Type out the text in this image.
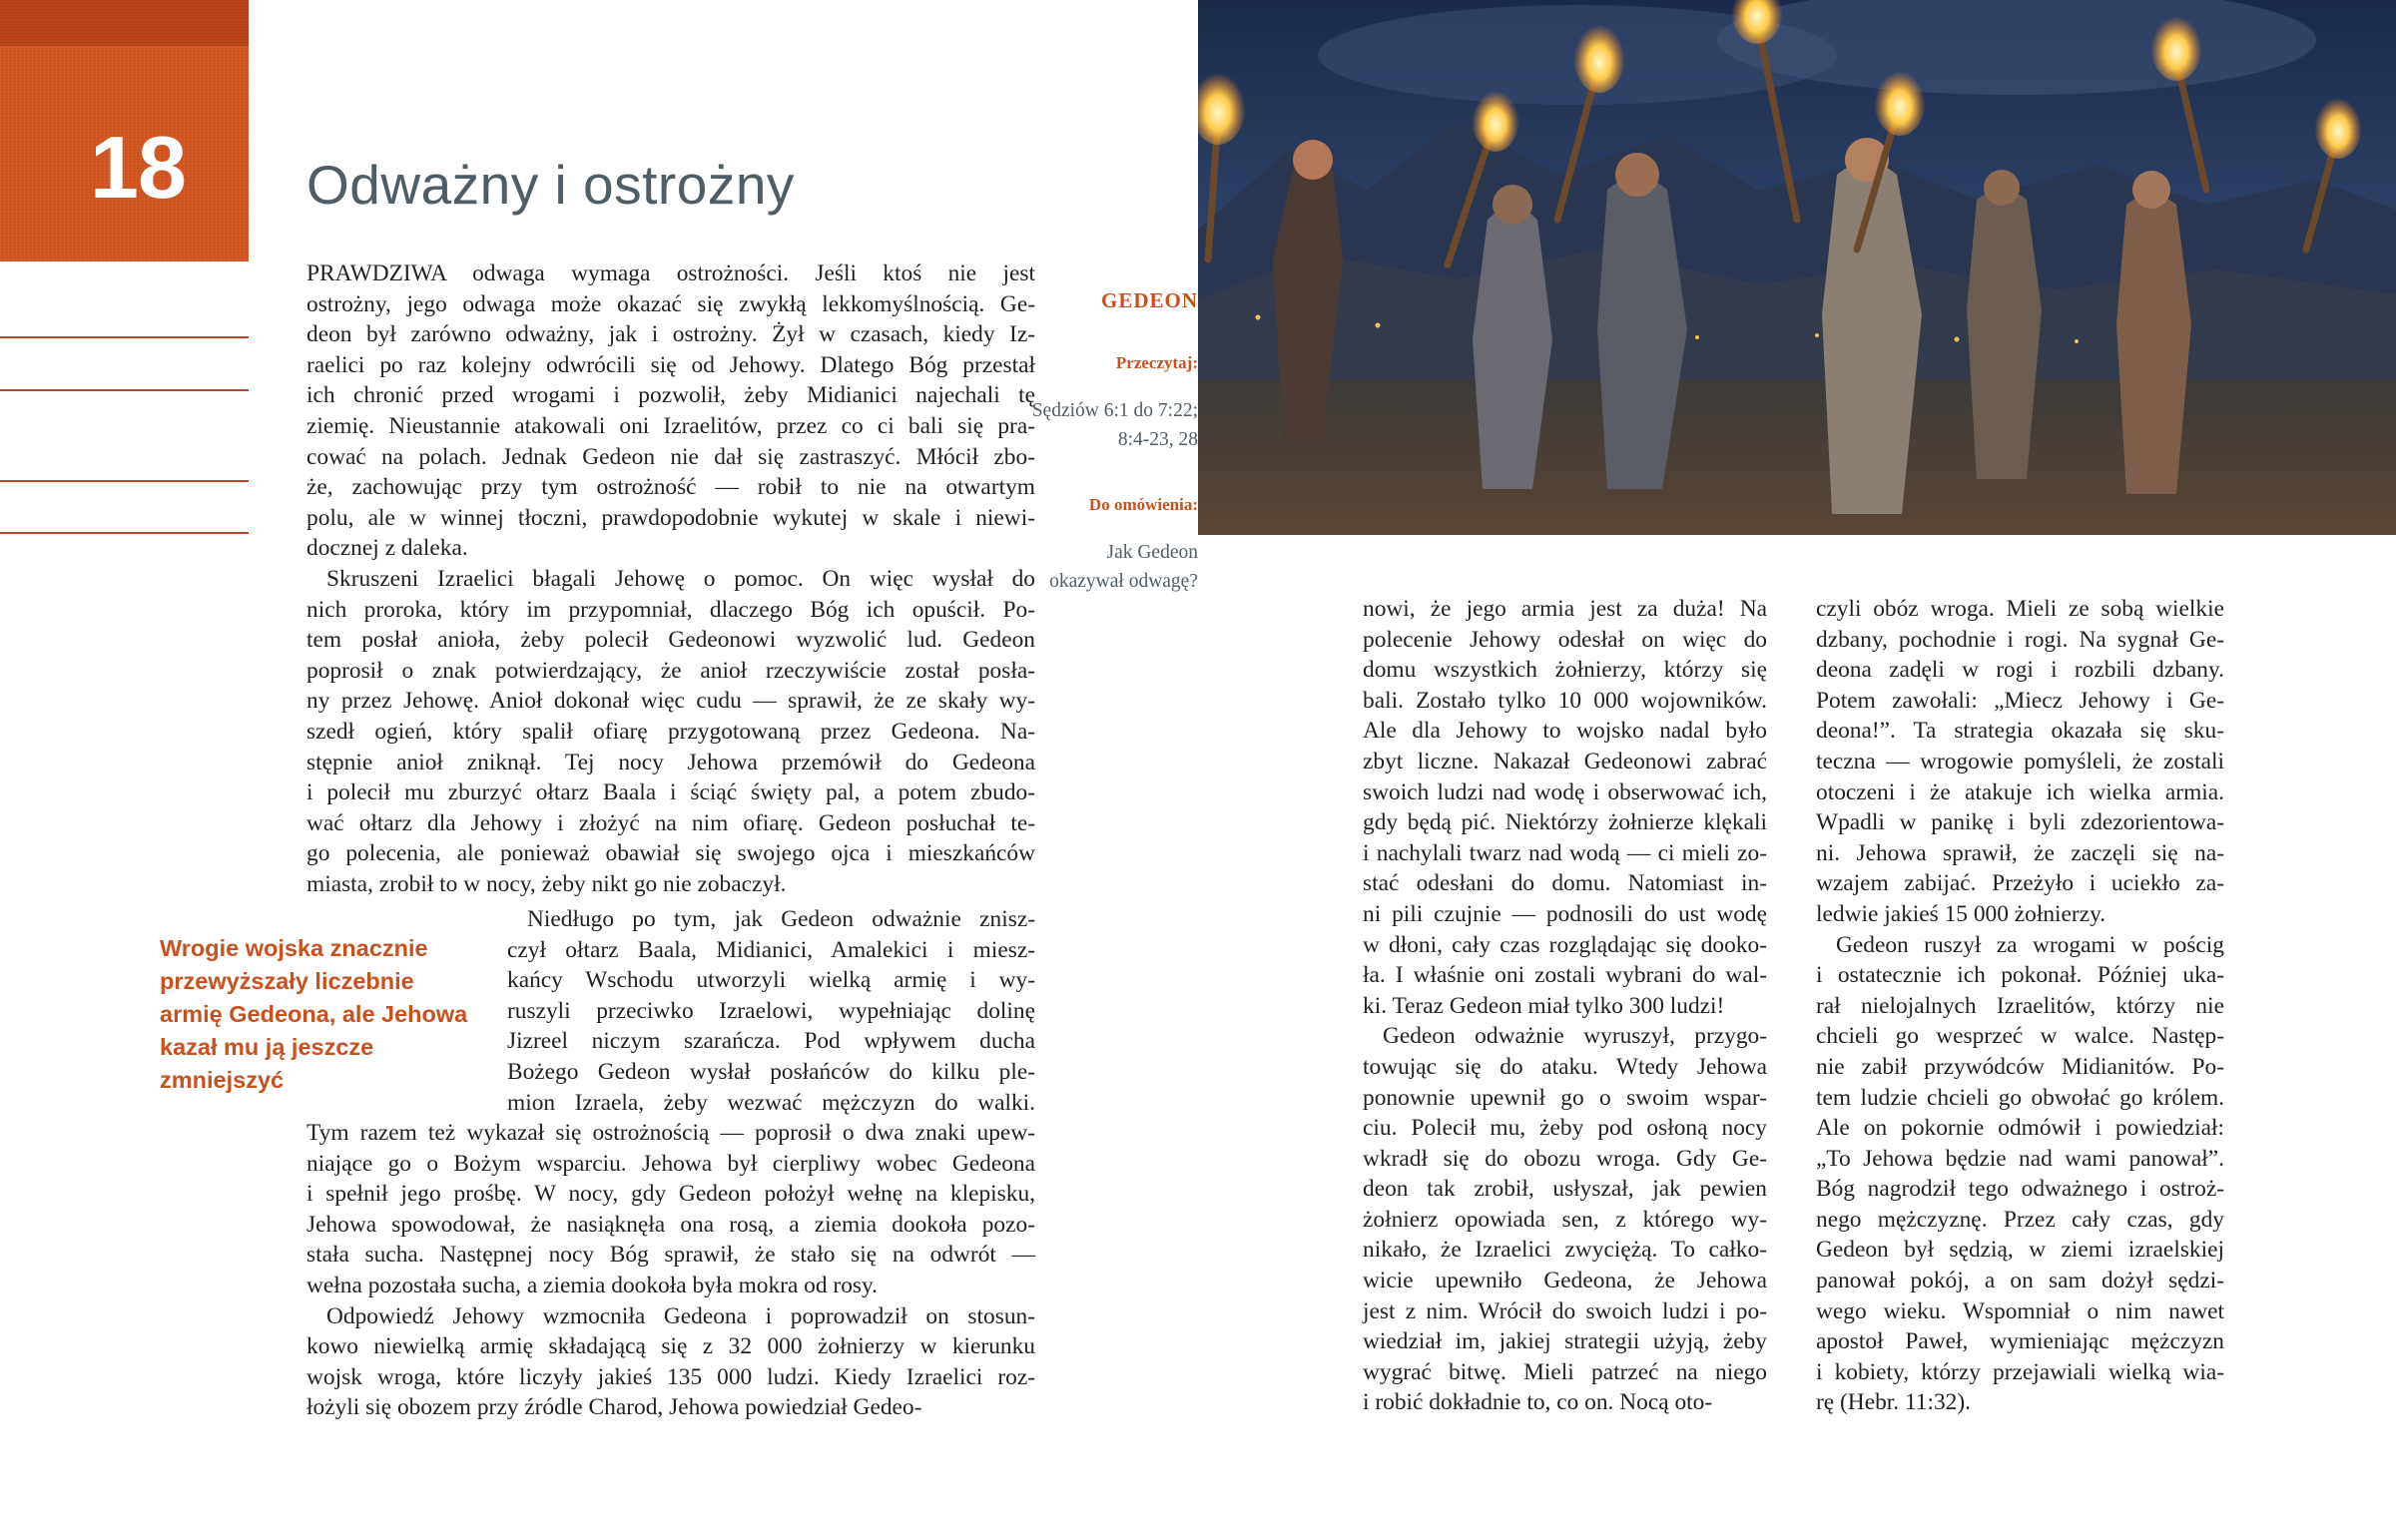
18 Odważny i ostrożny
GEDEON
Przeczytaj:
Sędziów 6:1 do 7:22;
8:4-23, 28
Do omówienia:
Jak Gedeon
okazywał odwagę?
PRAWDZIWA odwaga wymaga ostrożności. Jeśli ktoś nie jest
ostrożny, jego odwaga może okazać się zwykłą lekkomyślnością. Ge-
deon był zarówno odważny, jak i ostrożny. Żył w czasach, kiedy Iz-
raelici po raz kolejny odwrócili się od Jehowy. Dlatego Bóg przestał
ich chronić przed wrogami i pozwolił, żeby Midianici najechali tę
ziemię. Nieustannie atakowali oni Izraelitów, przez co ci bali się pra-
cować na polach. Jednak Gedeon nie dał się zastraszyć. Młócił zbo-
że, zachowując przy tym ostrożność — robił to nie na otwartym
polu, ale w winnej tłoczni, prawdopodobnie wykutej w skale i niewi-
docznej z daleka.
Skruszeni Izraelici błagali Jehowę o pomoc. On więc wysłał do
nich proroka, który im przypomniał, dlaczego Bóg ich opuścił. Po-
tem posłał anioła, żeby polecił Gedeonowi wyzwolić lud. Gedeon
poprosił o znak potwierdzający, że anioł rzeczywiście został posła-
ny przez Jehowę. Anioł dokonał więc cudu — sprawił, że ze skały wy-
szedł ogień, który spalił ofiarę przygotowaną przez Gedeona. Na-
stępnie anioł zniknął. Tej nocy Jehowa przemówił do Gedeona
i polecił mu zburzyć ołtarz Baala i ściąć święty pal, a potem zbudo-
wać ołtarz dla Jehowy i złożyć na nim ofiarę. Gedeon posłuchał te-
go polecenia, ale ponieważ obawiał się swojego ojca i mieszkańców
miasta, zrobił to w nocy, żeby nikt go nie zobaczył.
Niedługo po tym, jak Gedeon odważnie znisz-
czył ołtarz Baala, Midianici, Amalekici i miesz-
kańcy Wschodu utworzyli wielką armię i wy-
ruszyli przeciwko Izraelowi, wypełniając dolinę
Jizreel niczym szarańcza. Pod wpływem ducha
Bożego Gedeon wysłał posłańców do kilku ple-
mion Izraela, żeby wezwać mężczyzn do walki.
Tym razem też wykazał się ostrożnością — poprosił o dwa znaki upew-
niające go o Bożym wsparciu. Jehowa był cierpliwy wobec Gedeona
i spełnił jego prośbę. W nocy, gdy Gedeon położył wełnę na klepisku,
Jehowa spowodował, że nasiąknęła ona rosą, a ziemia dookoła pozo-
stała sucha. Następnej nocy Bóg sprawił, że stało się na odwrót —
wełna pozostała sucha, a ziemia dookoła była mokra od rosy.
Odpowiedź Jehowy wzmocniła Gedeona i poprowadził on stosun-
kowo niewielką armię składającą się z 32 000 żołnierzy w kierunku
wojsk wroga, które liczyły jakieś 135 000 ludzi. Kiedy Izraelici roz-
łożyli się obozem przy źródle Charod, Jehowa powiedział Gedeo-
Wrogie wojska znacznie
przewyższały liczebnie
armię Gedeona, ale Jehowa
kazał mu ją jeszcze
zmniejszyć
nowi, że jego armia jest za duża! Na
polecenie Jehowy odesłał on więc do
domu wszystkich żołnierzy, którzy się
bali. Zostało tylko 10 000 wojowników.
Ale dla Jehowy to wojsko nadal było
zbyt liczne. Nakazał Gedeonowi zabrać
swoich ludzi nad wodę i obserwować ich,
gdy będą pić. Niektórzy żołnierze klękali
i nachylali twarz nad wodą — ci mieli zo-
stać odesłani do domu. Natomiast in-
ni pili czujnie — podnosili do ust wodę
w dłoni, cały czas rozglądając się dooko-
ła. I właśnie oni zostali wybrani do wal-
ki. Teraz Gedeon miał tylko 300 ludzi!
Gedeon odważnie wyruszył, przygo-
towując się do ataku. Wtedy Jehowa
ponownie upewnił go o swoim wspar-
ciu. Polecił mu, żeby pod osłoną nocy
wkradł się do obozu wroga. Gdy Ge-
deon tak zrobił, usłyszał, jak pewien
żołnierz opowiada sen, z którego wy-
nikało, że Izraelici zwyciężą. To całko-
wicie upewniło Gedeona, że Jehowa
jest z nim. Wrócił do swoich ludzi i po-
wiedział im, jakiej strategii użyją, żeby
wygrać bitwę. Mieli patrzeć na niego
i robić dokładnie to, co on. Nocą oto-
czyli obóz wroga. Mieli ze sobą wielkie
dzbany, pochodnie i rogi. Na sygnał Ge-
deona zadęli w rogi i rozbili dzbany.
Potem zawołali: „Miecz Jehowy i Ge-
deona!”. Ta strategia okazała się sku-
teczna — wrogowie pomyśleli, że zostali
otoczeni i że atakuje ich wielka armia.
Wpadli w panikę i byli zdezorientowa-
ni. Jehowa sprawił, że zaczęli się na-
wzajem zabijać. Przeżyło i uciekło za-
ledwie jakieś 15 000 żołnierzy.
Gedeon ruszył za wrogami w pościg
i ostatecznie ich pokonał. Później uka-
rał nielojalnych Izraelitów, którzy nie
chcieli go wesprzeć w walce. Następ-
nie zabił przywódców Midianitów. Po-
tem ludzie chcieli go obwołać go królem.
Ale on pokornie odmówił i powiedział:
„To Jehowa będzie nad wami panował”.
Bóg nagrodził tego odważnego i ostroż-
nego mężczyznę. Przez cały czas, gdy
Gedeon był sędzią, w ziemi izraelskiej
panował pokój, a on sam dożył sędzi-
wego wieku. Wspomniał o nim nawet
apostoł Paweł, wymieniając mężczyzn
i kobiety, którzy przejawiali wielką wia-
rę (Hebr. 11:32).
